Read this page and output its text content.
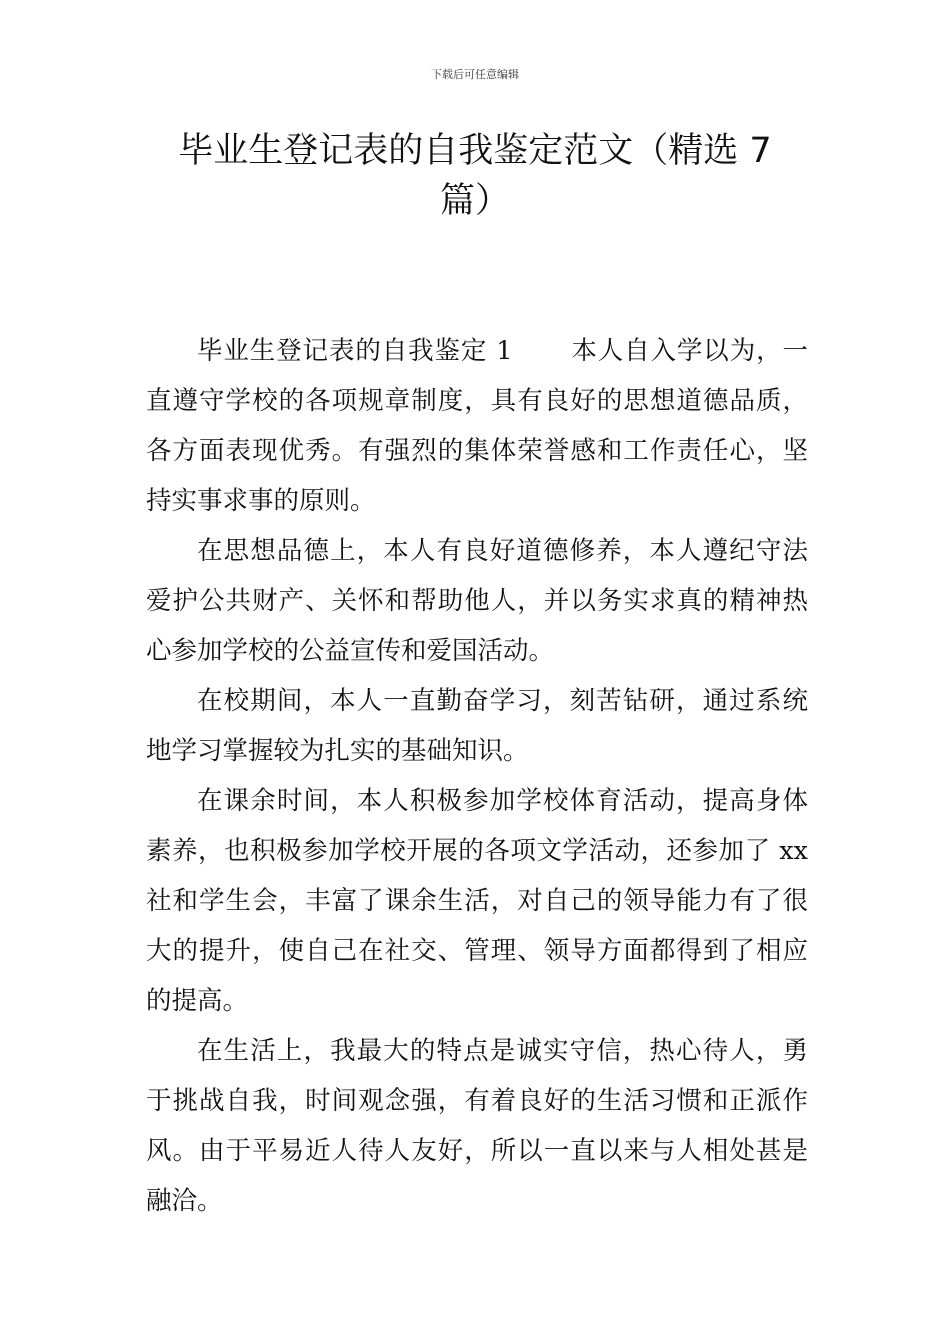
下载后可任意编辑
毕业生登记表的自我鉴定范文（精选 7
篇）

毕业生登记表的自我鉴定 1 本人自入学以为，一直遵守学校的各项规章制度，具有良好的思想道德品质，各方面表现优秀。有强烈的集体荣誉感和工作责任心，坚持实事求事的原则。

在思想品德上，本人有良好道德修养，本人遵纪守法爱护公共财产、关怀和帮助他人，并以务实求真的精神热心参加学校的公益宣传和爱国活动。

在校期间，本人一直勤奋学习，刻苦钻研，通过系统地学习掌握较为扎实的基础知识。

在课余时间，本人积极参加学校体育活动，提高身体素养，也积极参加学校开展的各项文学活动，还参加了 xx 社和学生会，丰富了课余生活，对自己的领导能力有了很大的提升，使自己在社交、管理、领导方面都得到了相应的提高。

在生活上，我最大的特点是诚实守信，热心待人，勇于挑战自我，时间观念强，有着良好的生活习惯和正派作风。由于平易近人待人友好，所以一直以来与人相处甚是融洽。
